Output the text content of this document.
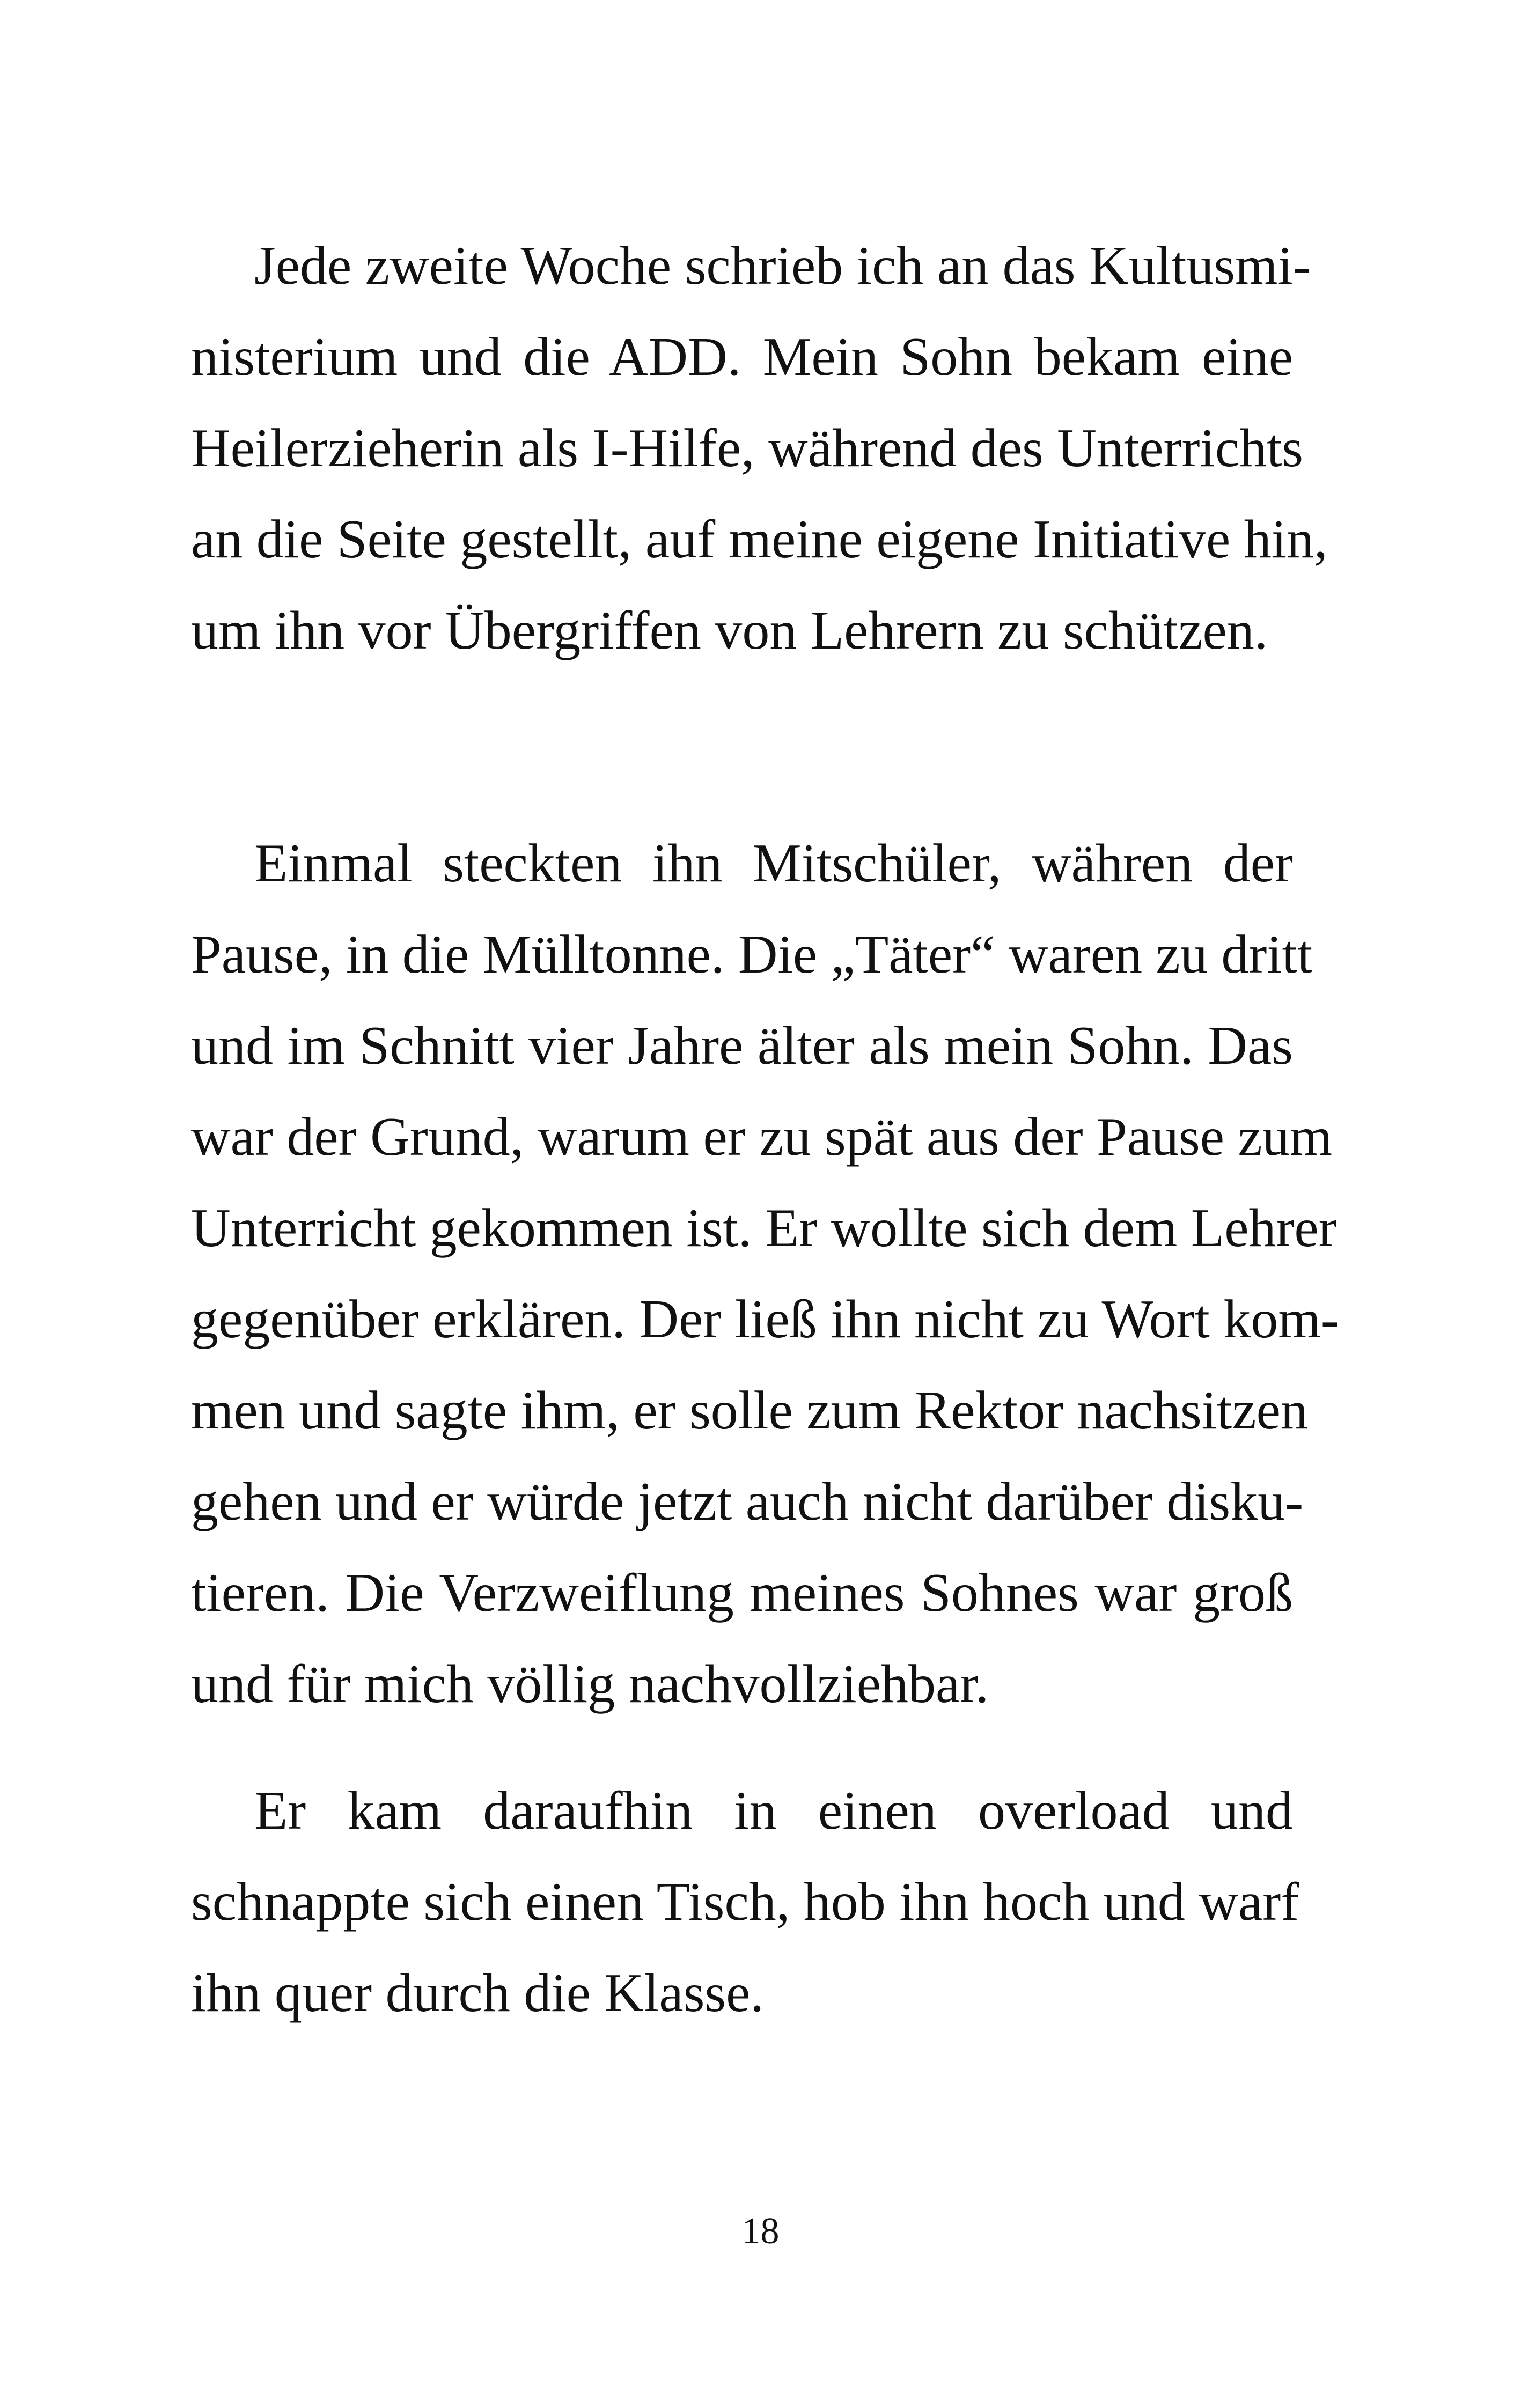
Jede zweite Woche schrieb ich an das Kultusmi-
nisterium und die ADD. Mein Sohn bekam eine
Heilerzieherin als I-Hilfe, während des Unterrichts
an die Seite gestellt, auf meine eigene Initiative hin,
um ihn vor Übergriffen von Lehrern zu schützen.
Einmal steckten ihn Mitschüler, währen der
Pause, in die Mülltonne. Die „Täter“ waren zu dritt
und im Schnitt vier Jahre älter als mein Sohn. Das
war der Grund, warum er zu spät aus der Pause zum
Unterricht gekommen ist. Er wollte sich dem Lehrer
gegenüber erklären. Der ließ ihn nicht zu Wort kom-
men und sagte ihm, er solle zum Rektor nachsitzen
gehen und er würde jetzt auch nicht darüber disku-
tieren. Die Verzweiflung meines Sohnes war groß
und für mich völlig nachvollziehbar.
Er kam daraufhin in einen overload und
schnappte sich einen Tisch, hob ihn hoch und warf
ihn quer durch die Klasse.
18
